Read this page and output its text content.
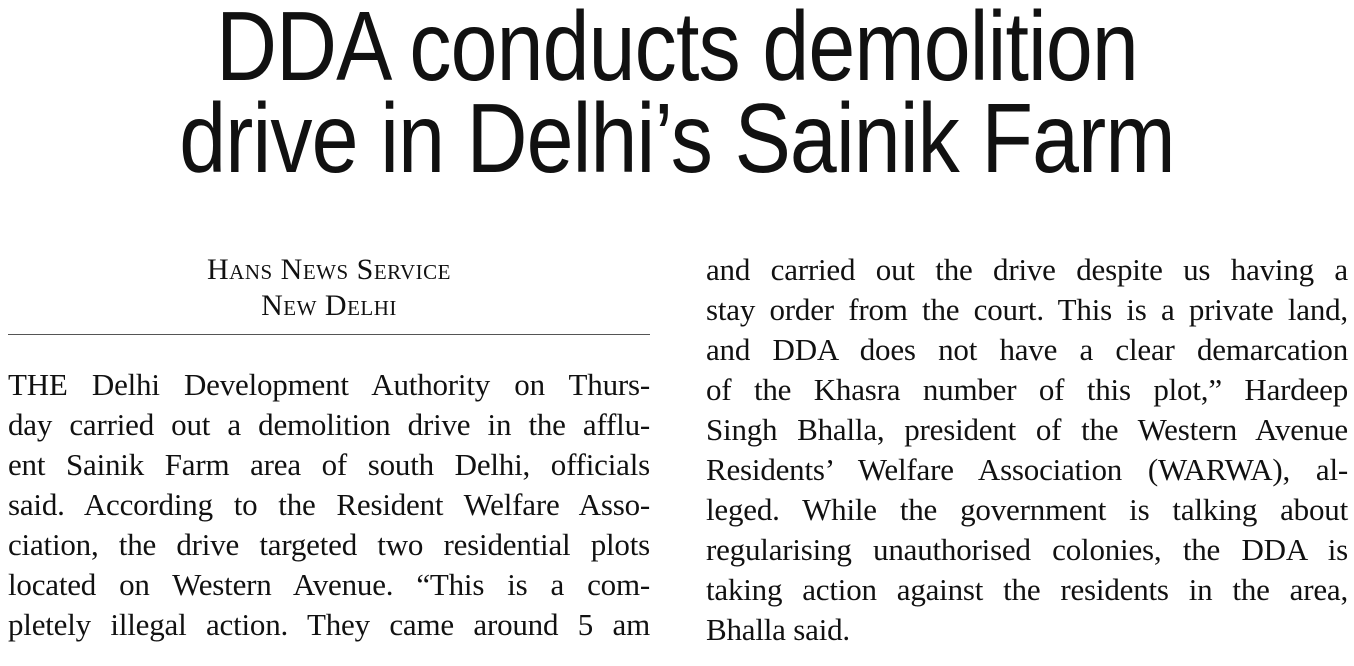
DDA conducts demolition
drive in Delhi’s Sainik Farm
Hans News Service
New Delhi

THE Delhi Development Authority on Thurs-
day carried out a demolition drive in the afflu-
ent Sainik Farm area of south Delhi, officials
said. According to the Resident Welfare Asso-
ciation, the drive targeted two residential plots
located on Western Avenue. “This is a com-
pletely illegal action. They came around 5 am

and carried out the drive despite us having a
stay order from the court. This is a private land,
and DDA does not have a clear demarcation
of the Khasra number of this plot,” Hardeep
Singh Bhalla, president of the Western Avenue
Residents’ Welfare Association (WARWA), al-
leged. While the government is talking about
regularising unauthorised colonies, the DDA is
taking action against the residents in the area,
Bhalla said.
